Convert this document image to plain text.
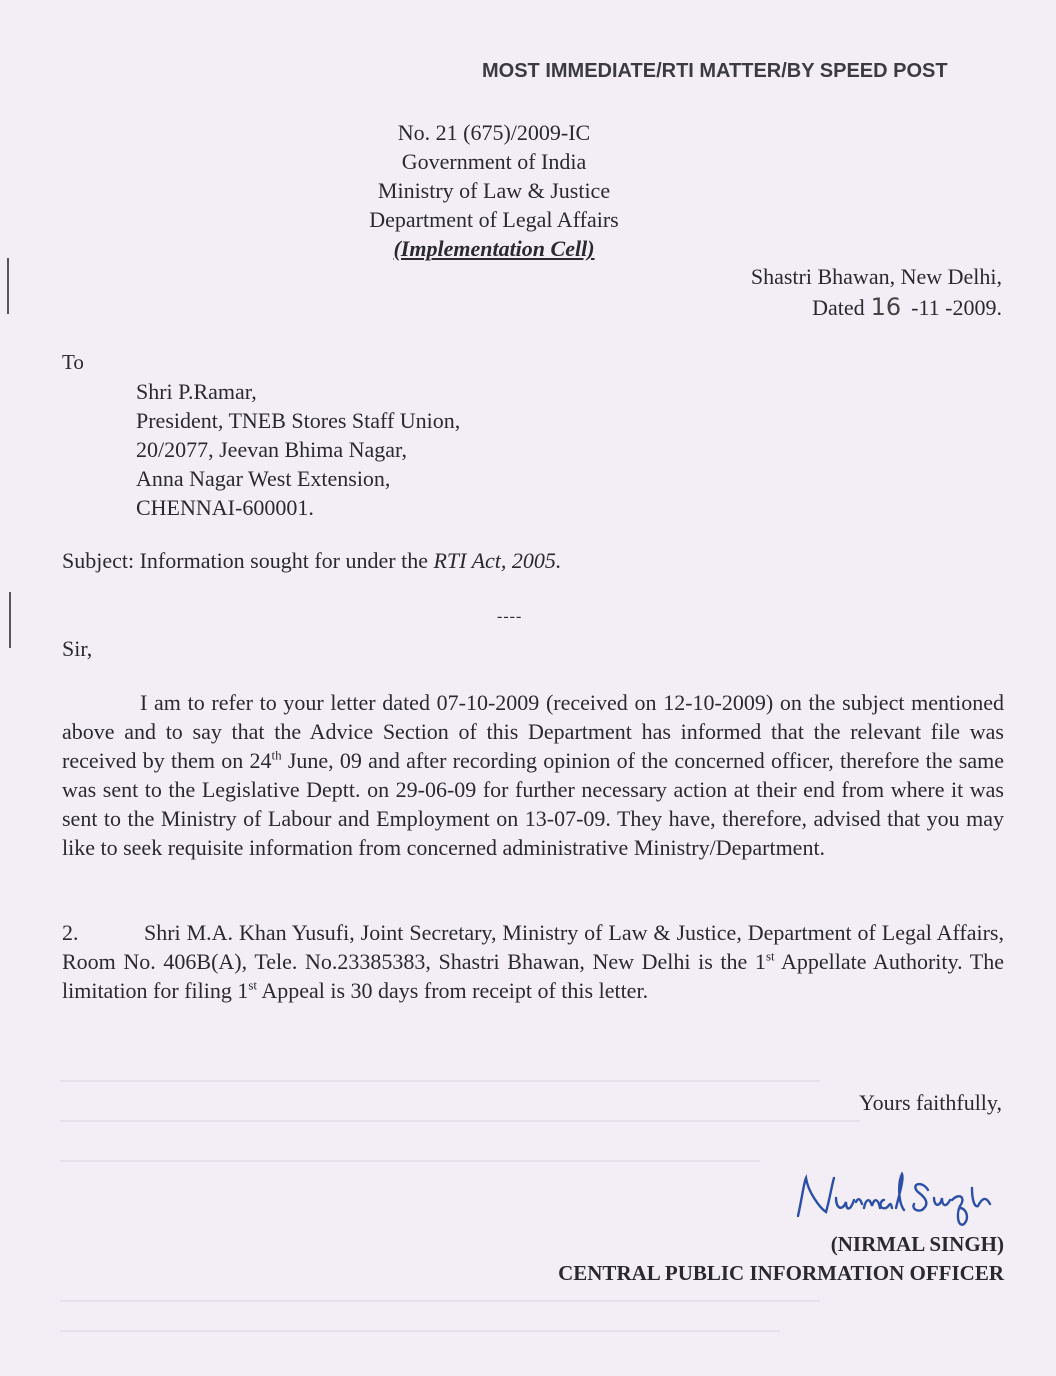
MOST IMMEDIATE/RTI MATTER/BY SPEED POST
No. 21 (675)/2009-IC
Government of India
Ministry of Law & Justice
Department of Legal Affairs
(Implementation Cell)
Shastri Bhawan, New Delhi,
Dated 16 -11 -2009.
To
Shri P.Ramar,
President, TNEB Stores Staff Union,
20/2077, Jeevan Bhima Nagar,
Anna Nagar West Extension,
CHENNAI-600001.
Subject: Information sought for under the RTI Act, 2005.
----
Sir,
I am to refer to your letter dated 07-10-2009 (received on 12-10-2009) on the subject mentioned above and to say that the Advice Section of this Department has informed that the relevant file was received by them on 24th June, 09 and after recording opinion of the concerned officer, therefore the same was sent to the Legislative Deptt. on 29-06-09 for further necessary action at their end from where it was sent to the Ministry of Labour and Employment on 13-07-09. They have, therefore, advised that you may like to seek requisite information from concerned administrative Ministry/Department.
2.	Shri M.A. Khan Yusufi, Joint Secretary, Ministry of Law & Justice, Department of Legal Affairs, Room No. 406B(A), Tele. No.23385383, Shastri Bhawan, New Delhi is the 1st Appellate Authority. The limitation for filing 1st Appeal is 30 days from receipt of this letter.
Yours faithfully,
(NIRMAL SINGH)
CENTRAL PUBLIC INFORMATION OFFICER
